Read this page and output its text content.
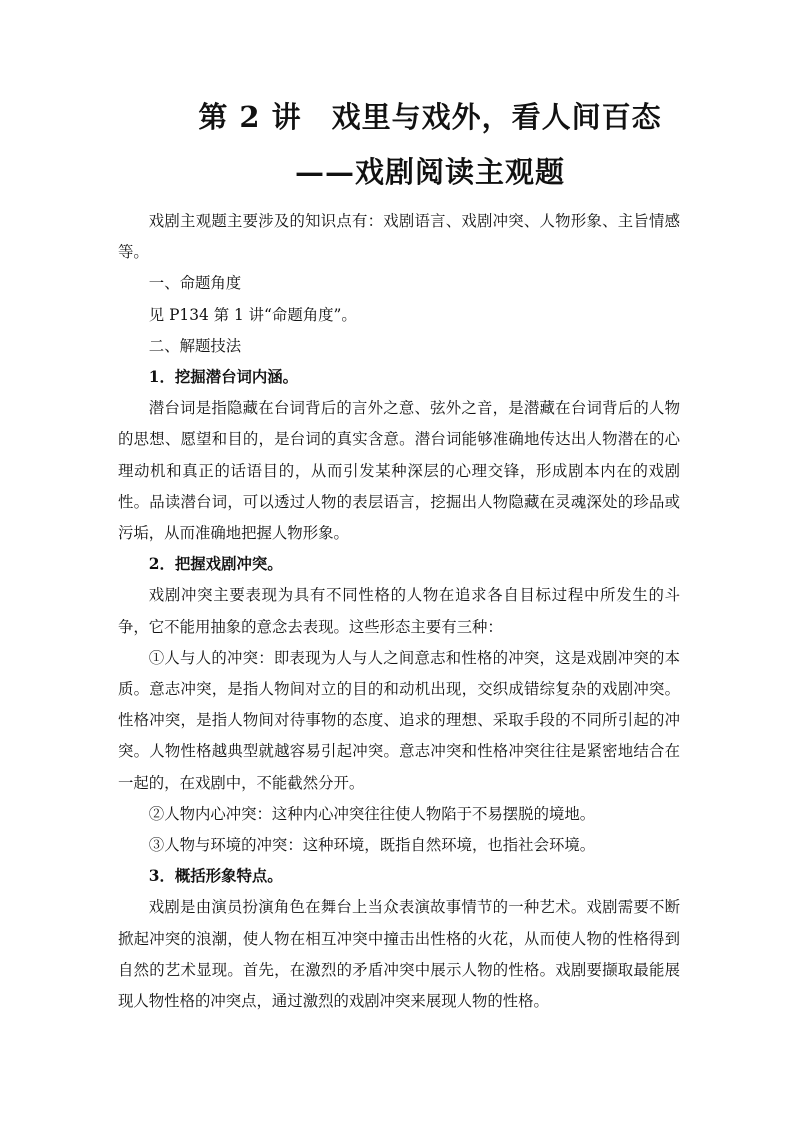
第 2 讲　戏里与戏外，看人间百态
——戏剧阅读主观题

戏剧主观题主要涉及的知识点有：戏剧语言、戏剧冲突、人物形象、主旨情感等。

一、命题角度

见 P134 第 1 讲“命题角度”。

二、解题技法

1．挖掘潜台词内涵。

潜台词是指隐藏在台词背后的言外之意、弦外之音，是潜藏在台词背后的人物的思想、愿望和目的，是台词的真实含意。潜台词能够准确地传达出人物潜在的心理动机和真正的话语目的，从而引发某种深层的心理交锋，形成剧本内在的戏剧性。品读潜台词，可以透过人物的表层语言，挖掘出人物隐藏在灵魂深处的珍品或污垢，从而准确地把握人物形象。

2．把握戏剧冲突。

戏剧冲突主要表现为具有不同性格的人物在追求各自目标过程中所发生的斗争，它不能用抽象的意念去表现。这些形态主要有三种：

①人与人的冲突：即表现为人与人之间意志和性格的冲突，这是戏剧冲突的本质。意志冲突，是指人物间对立的目的和动机出现，交织成错综复杂的戏剧冲突。性格冲突，是指人物间对待事物的态度、追求的理想、采取手段的不同所引起的冲突。人物性格越典型就越容易引起冲突。意志冲突和性格冲突往往是紧密地结合在一起的，在戏剧中，不能截然分开。

②人物内心冲突：这种内心冲突往往使人物陷于不易摆脱的境地。

③人物与环境的冲突：这种环境，既指自然环境，也指社会环境。

3．概括形象特点。

戏剧是由演员扮演角色在舞台上当众表演故事情节的一种艺术。戏剧需要不断掀起冲突的浪潮，使人物在相互冲突中撞击出性格的火花，从而使人物的性格得到自然的艺术显现。首先，在激烈的矛盾冲突中展示人物的性格。戏剧要撷取最能展现人物性格的冲突点，通过激烈的戏剧冲突来展现人物的性格。
